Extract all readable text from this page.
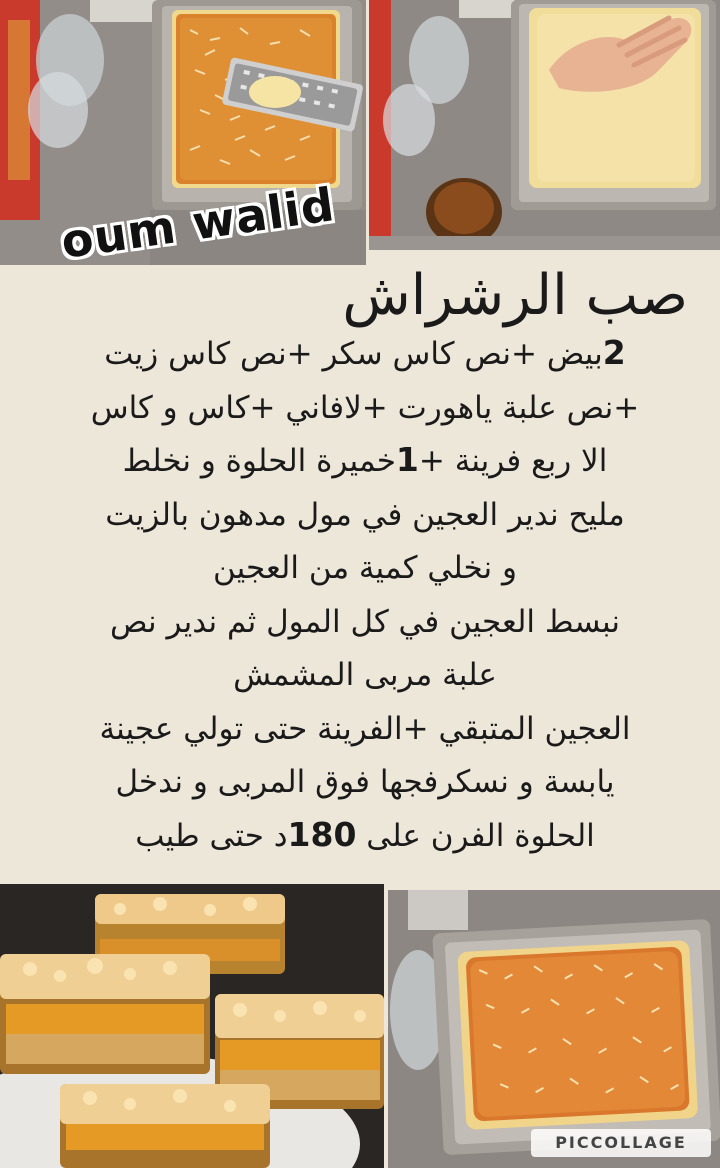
oum walid
صب الرشراش
2بيض +نص كاس سكر +نص كاس زيت
+نص علبة ياهورت +لافاني +كاس و كاس
الا ربع فرينة +1خميرة الحلوة و نخلط
مليح ندير العجين في مول مدهون بالزيت
و نخلي كمية من العجين
نبسط العجين في كل المول ثم ندير نص
علبة مربى المشمش
العجين المتبقي +الفرينة حتى تولي عجينة
يابسة و نسكرفجها فوق المربى و ندخل
الحلوة الفرن على 180د حتى طيب
PICCOLLAGE
